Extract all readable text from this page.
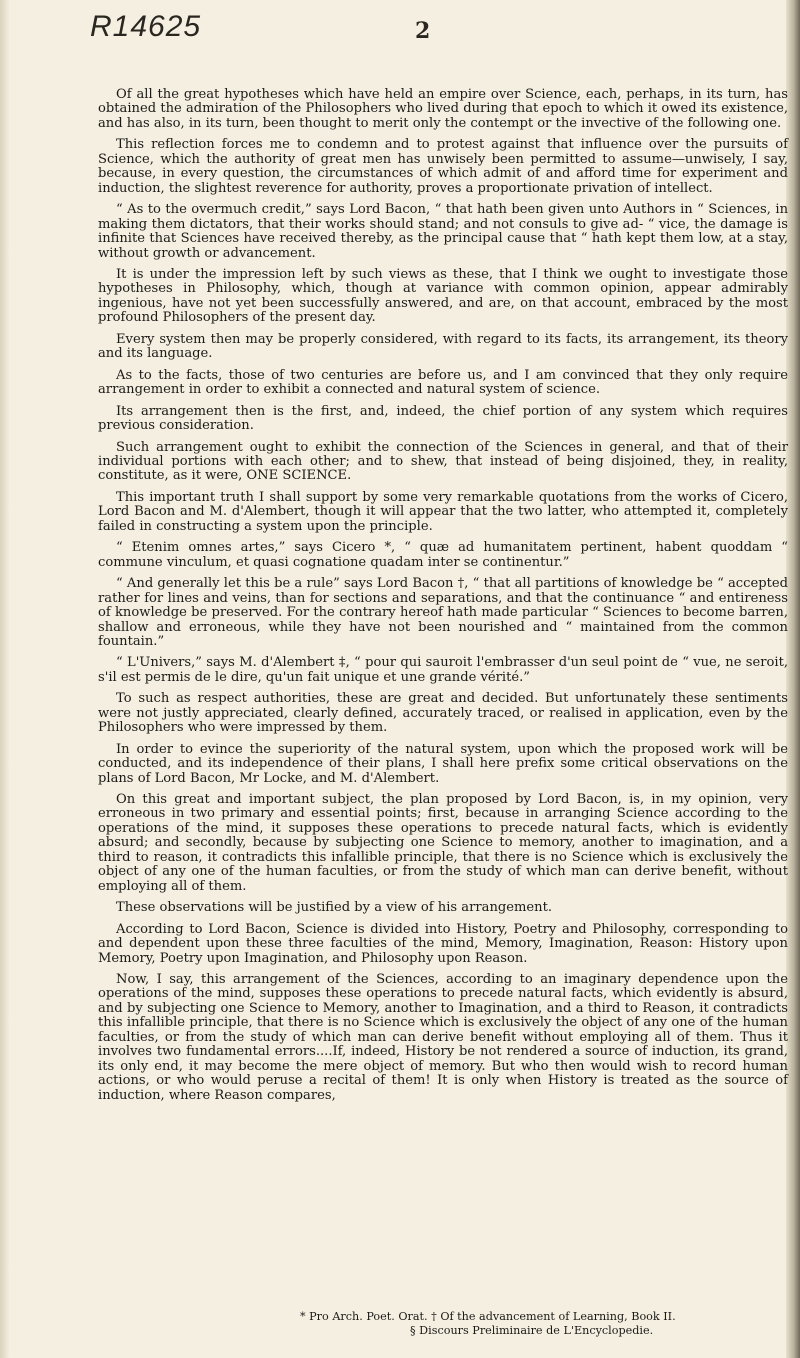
R14625	2

Of all the great hypotheses which have held an empire over Science, each, perhaps, in its turn, has obtained the admiration of the Philosophers who lived during that epoch to which it owed its existence, and has also, in its turn, been thought to merit only the contempt or the invective of the following one.

This reflection forces me to condemn and to protest against that influence over the pursuits of Science, which the authority of great men has unwisely been permitted to assume—unwisely, I say, because, in every question, the circumstances of which admit of and afford time for experiment and induction, the slightest reverence for authority, proves a proportionate privation of intellect.

“ As to the overmuch credit,” says Lord Bacon, “ that hath been given unto Authors in “ Sciences, in making them dictators, that their works should stand; and not consuls to give ad- “ vice, the damage is infinite that Sciences have received thereby, as the principal cause that “ hath kept them low, at a stay, without growth or advancement.

It is under the impression left by such views as these, that I think we ought to investigate those hypotheses in Philosophy, which, though at variance with common opinion, appear admirably ingenious, have not yet been successfully answered, and are, on that account, embraced by the most profound Philosophers of the present day.

Every system then may be properly considered, with regard to its facts, its arrangement, its theory and its language.

As to the facts, those of two centuries are before us, and I am convinced that they only require arrangement in order to exhibit a connected and natural system of science.

Its arrangement then is the first, and, indeed, the chief portion of any system which requires previous consideration.

Such arrangement ought to exhibit the connection of the Sciences in general, and that of their individual portions with each other; and to shew, that instead of being disjoined, they, in reality, constitute, as it were, ONE SCIENCE.

This important truth I shall support by some very remarkable quotations from the works of Cicero, Lord Bacon and M. d'Alembert, though it will appear that the two latter, who attempted it, completely failed in constructing a system upon the principle.

“ Etenim omnes artes,” says Cicero *, “ quæ ad humanitatem pertinent, habent quoddam “ commune vinculum, et quasi cognatione quadam inter se continentur.”

“ And generally let this be a rule” says Lord Bacon †, “ that all partitions of knowledge be “ accepted rather for lines and veins, than for sections and separations, and that the continuance “ and entireness of knowledge be preserved. For the contrary hereof hath made particular “ Sciences to become barren, shallow and erroneous, while they have not been nourished and “ maintained from the common fountain.”

“ L'Univers,” says M. d'Alembert ‡, “ pour qui sauroit l'embrasser d'un seul point de “ vue, ne seroit, s'il est permis de le dire, qu'un fait unique et une grande vérité.”

To such as respect authorities, these are great and decided. But unfortunately these sentiments were not justly appreciated, clearly defined, accurately traced, or realised in application, even by the Philosophers who were impressed by them.

In order to evince the superiority of the natural system, upon which the proposed work will be conducted, and its independence of their plans, I shall here prefix some critical observations on the plans of Lord Bacon, Mr Locke, and M. d'Alembert.

On this great and important subject, the plan proposed by Lord Bacon, is, in my opinion, very erroneous in two primary and essential points; first, because in arranging Science according to the operations of the mind, it supposes these operations to precede natural facts, which is evidently absurd; and secondly, because by subjecting one Science to memory, another to imagination, and a third to reason, it contradicts this infallible principle, that there is no Science which is exclusively the object of any one of the human faculties, or from the study of which man can derive benefit, without employing all of them.

These observations will be justified by a view of his arrangement.

According to Lord Bacon, Science is divided into History, Poetry and Philosophy, corresponding to and dependent upon these three faculties of the mind, Memory, Imagination, Reason: History upon Memory, Poetry upon Imagination, and Philosophy upon Reason.

Now, I say, this arrangement of the Sciences, according to an imaginary dependence upon the operations of the mind, supposes these operations to precede natural facts, which evidently is absurd, and by subjecting one Science to Memory, another to Imagination, and a third to Reason, it contradicts this infallible principle, that there is no Science which is exclusively the object of any one of the human faculties, or from the study of which man can derive benefit without employing all of them. Thus it involves two fundamental errors....If, indeed, History be not rendered a source of induction, its grand, its only end, it may become the mere object of memory. But who then would wish to record human actions, or who would peruse a recital of them! It is only when History is treated as the source of induction, where Reason compares,

* Pro Arch. Poet. Orat. † Of the advancement of Learning, Book II.
§ Discours Preliminaire de L'Encyclopedie.
